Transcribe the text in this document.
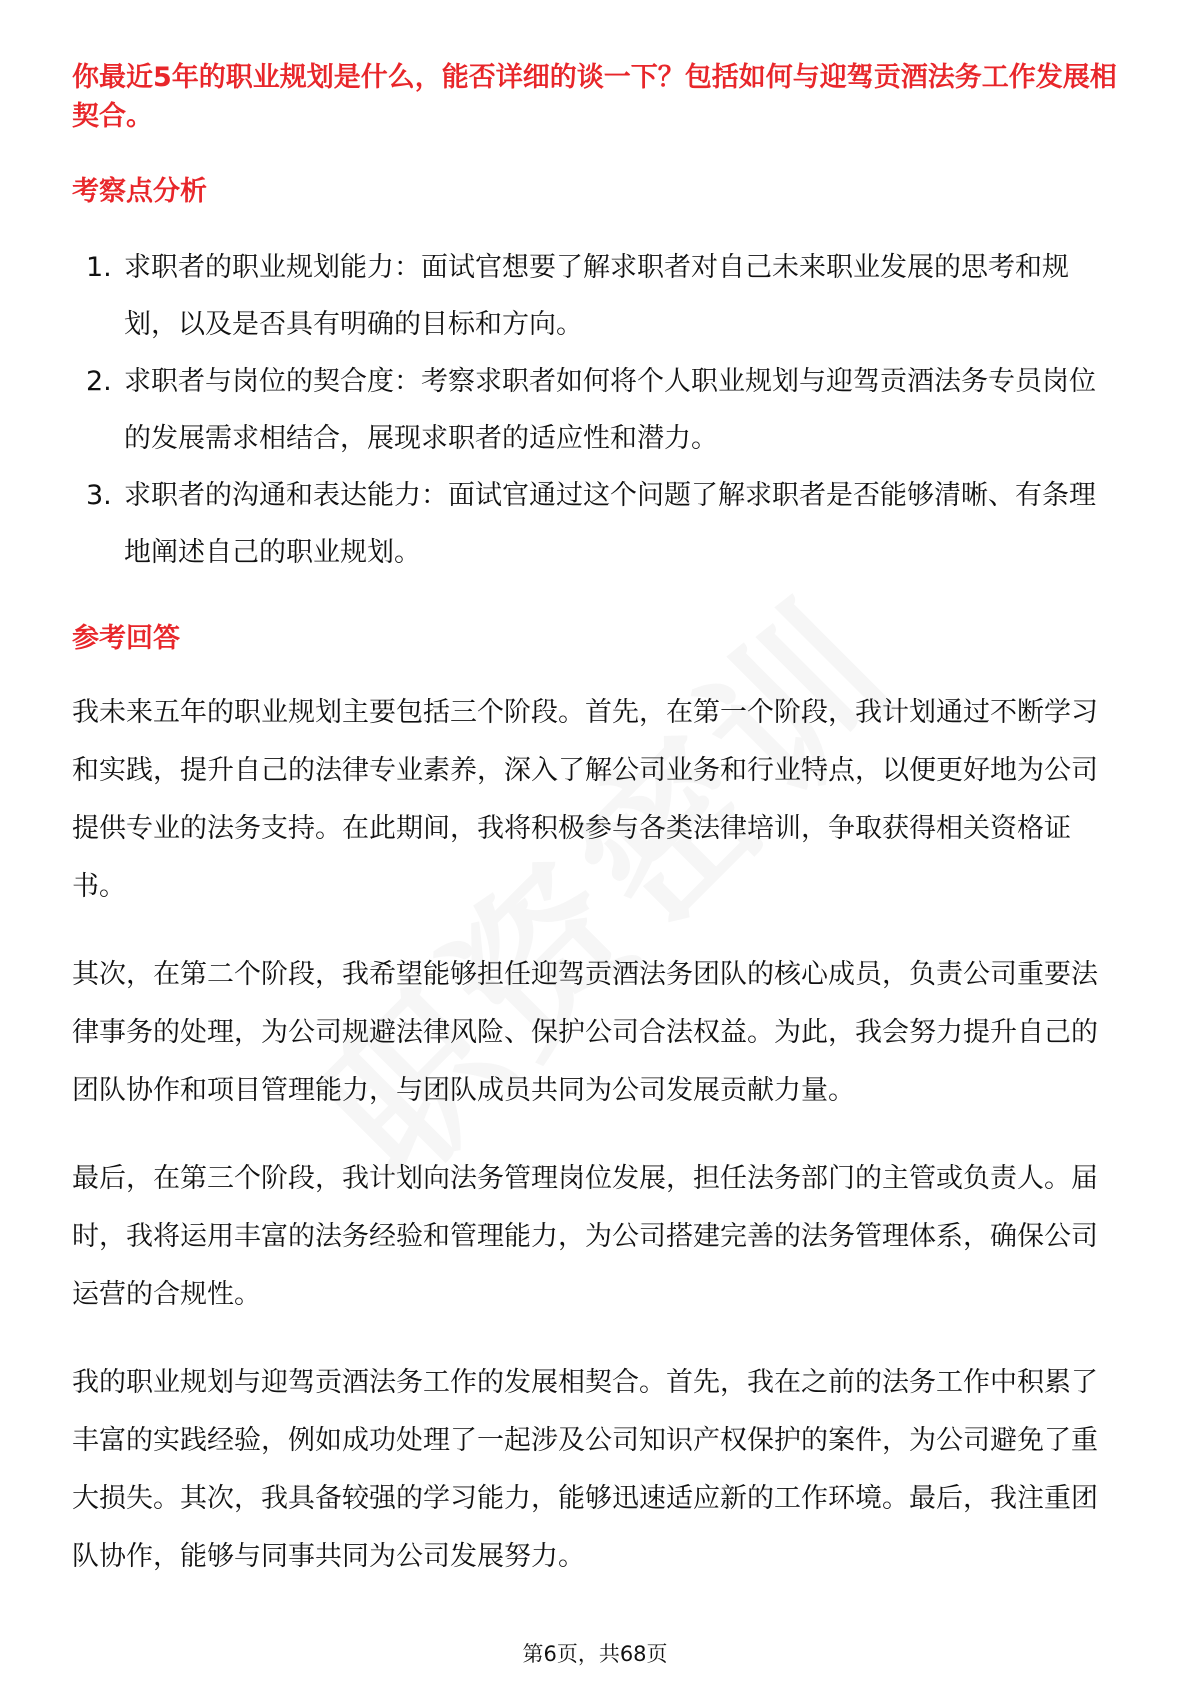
你最近5年的职业规划是什么，能否详细的谈一下？包括如何与迎驾贡酒法务工作发展相契合。

考察点分析
1. 求职者的职业规划能力：面试官想要了解求职者对自己未来职业发展的思考和规划，以及是否具有明确的目标和方向。
2. 求职者与岗位的契合度：考察求职者如何将个人职业规划与迎驾贡酒法务专员岗位的发展需求相结合，展现求职者的适应性和潜力。
3. 求职者的沟通和表达能力：面试官通过这个问题了解求职者是否能够清晰、有条理地阐述自己的职业规划。
参考回答

我未来五年的职业规划主要包括三个阶段。首先，在第一个阶段，我计划通过不断学习和实践，提升自己的法律专业素养，深入了解公司业务和行业特点，以便更好地为公司提供专业的法务支持。在此期间，我将积极参与各类法律培训，争取获得相关资格证书。

其次，在第二个阶段，我希望能够担任迎驾贡酒法务团队的核心成员，负责公司重要法律事务的处理，为公司规避法律风险、保护公司合法权益。为此，我会努力提升自己的团队协作和项目管理能力，与团队成员共同为公司发展贡献力量。

最后，在第三个阶段，我计划向法务管理岗位发展，担任法务部门的主管或负责人。届时，我将运用丰富的法务经验和管理能力，为公司搭建完善的法务管理体系，确保公司运营的合规性。

我的职业规划与迎驾贡酒法务工作的发展相契合。首先，我在之前的法务工作中积累了丰富的实践经验，例如成功处理了一起涉及公司知识产权保护的案件，为公司避免了重大损失。其次，我具备较强的学习能力，能够迅速适应新的工作环境。最后，我注重团队协作，能够与同事共同为公司发展努力。

第6页，共68页
